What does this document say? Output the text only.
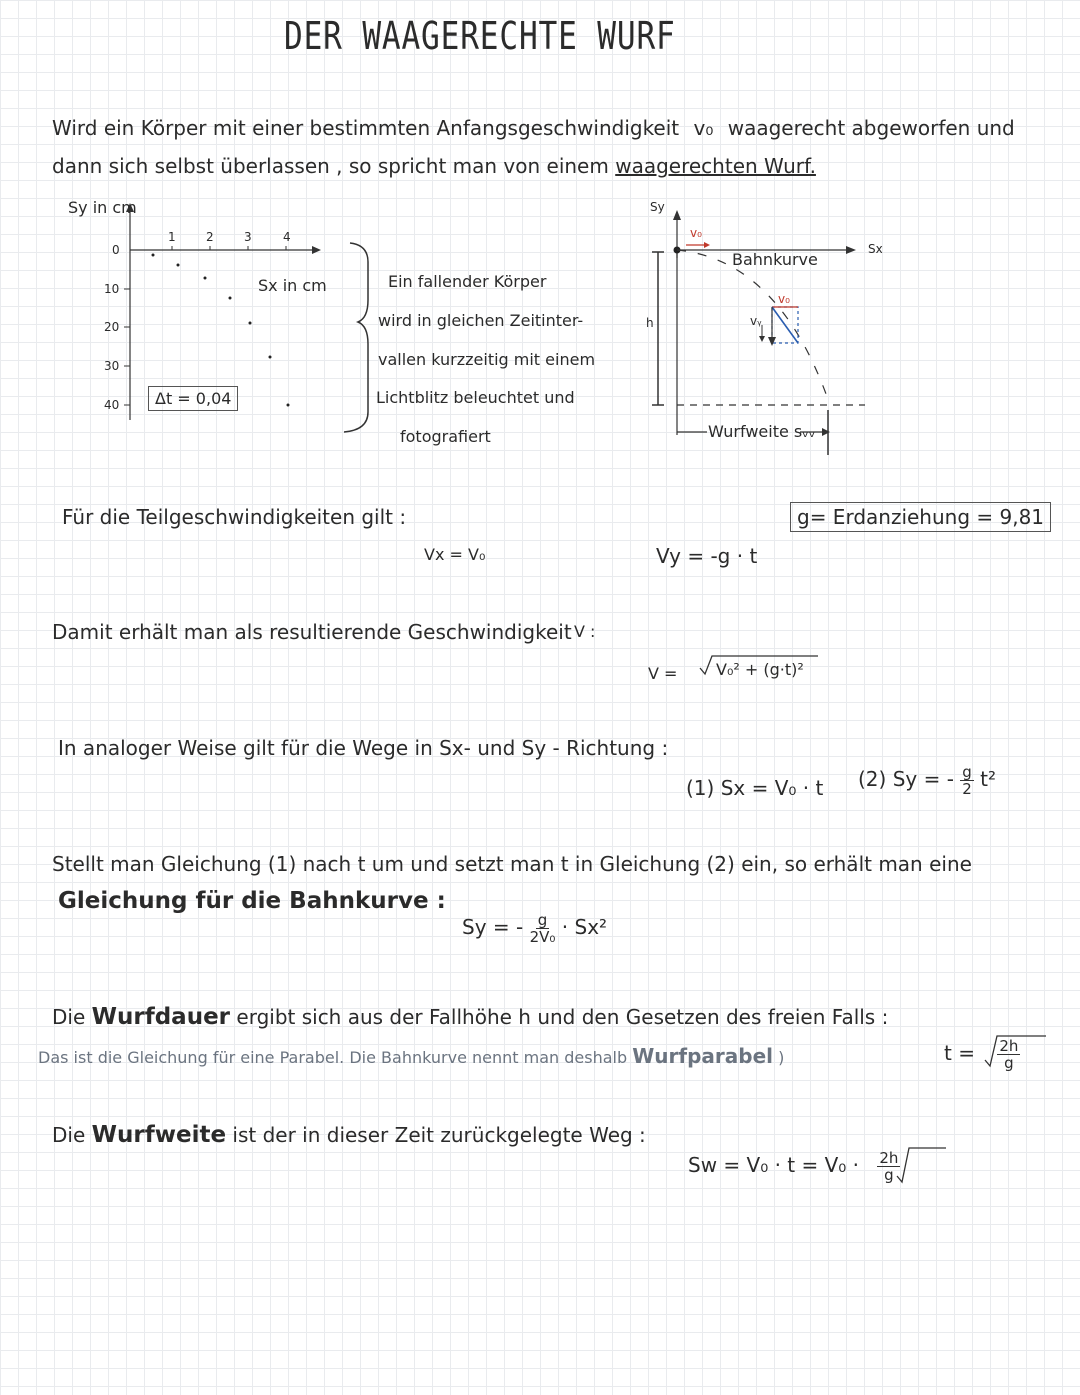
DER WAAGERECHTE WURF
Wird ein Körper mit einer bestimmten Anfangsgeschwindigkeit v₀ waagerecht abgeworfen und
dann sich selbst überlassen , so spricht man von einem waagerechten Wurf.
Sy in cm
Sx in cm
1	2	3	4
0
10
20
30
40	Δt = 0,04
Ein fallender Körper
wird in gleichen Zeitinter-
vallen kurzzeitig mit einem
Lichtblitz beleuchtet und
fotografiert
Sy
Sx
h
v₀
v₀
vᵧ
Bahnkurve
Wurfweite sᵥᵥ
g= Erdanziehung = 9,81
Für die Teilgeschwindigkeiten gilt :
Vx = V₀	Vy = -g · t
Damit erhält man als resultierende Geschwindigkeit V :
V = V₀² + (g·t)²
In analoger Weise gilt für die Wege in Sx- und Sy - Richtung :
(1) Sx = V₀ · t (2) Sy = - $\frac{g}{2} t^2$
Stellt man Gleichung (1) nach t um und setzt man t in Gleichung (2) ein, so erhält man eine
Gleichung für die Bahnkurve :
Sy = - $\frac{g}{\text{2V₀}} \cdot Sx^2$
Die Wurfdauer ergibt sich aus der Fallhöhe h und den Gesetzen des freien Falls :
Das ist die Gleichung für eine Parabel. Die Bahnkurve nennt man deshalb Wurfparabel )	$t = \frac{2h}{g}$
Die Wurfweite ist der in dieser Zeit zurückgelegte Weg :
$Sw = V_0 \cdot t = V_0 \cdot \frac{2h}{g}$
